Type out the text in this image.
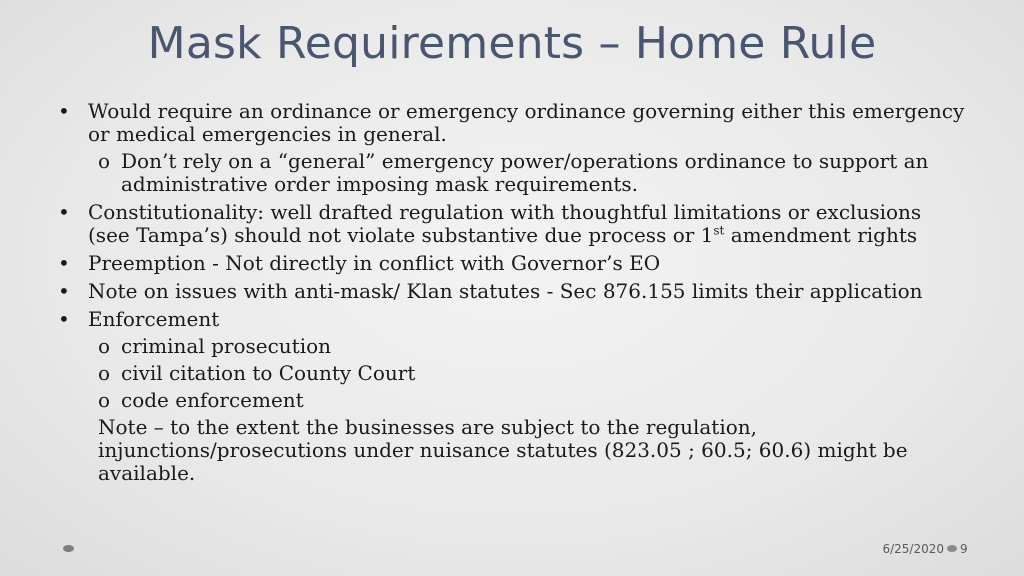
Mask Requirements – Home Rule
• Would require an ordinance or emergency ordinance governing either this emergency or medical emergencies in general.
o Don’t rely on a “general” emergency power/operations ordinance to support an administrative order imposing mask requirements.
• Constitutionality: well drafted regulation with thoughtful limitations or exclusions (see Tampa’s) should not violate substantive due process or 1st amendment rights
• Preemption - Not directly in conflict with Governor’s EO
• Note on issues with anti-mask/ Klan statutes - Sec 876.155 limits their application
• Enforcement
o criminal prosecution
o civil citation to County Court
o code enforcement
Note – to the extent the businesses are subject to the regulation, injunctions/prosecutions under nuisance statutes (823.05 ; 60.5; 60.6) might be available.
6/25/2020 9
